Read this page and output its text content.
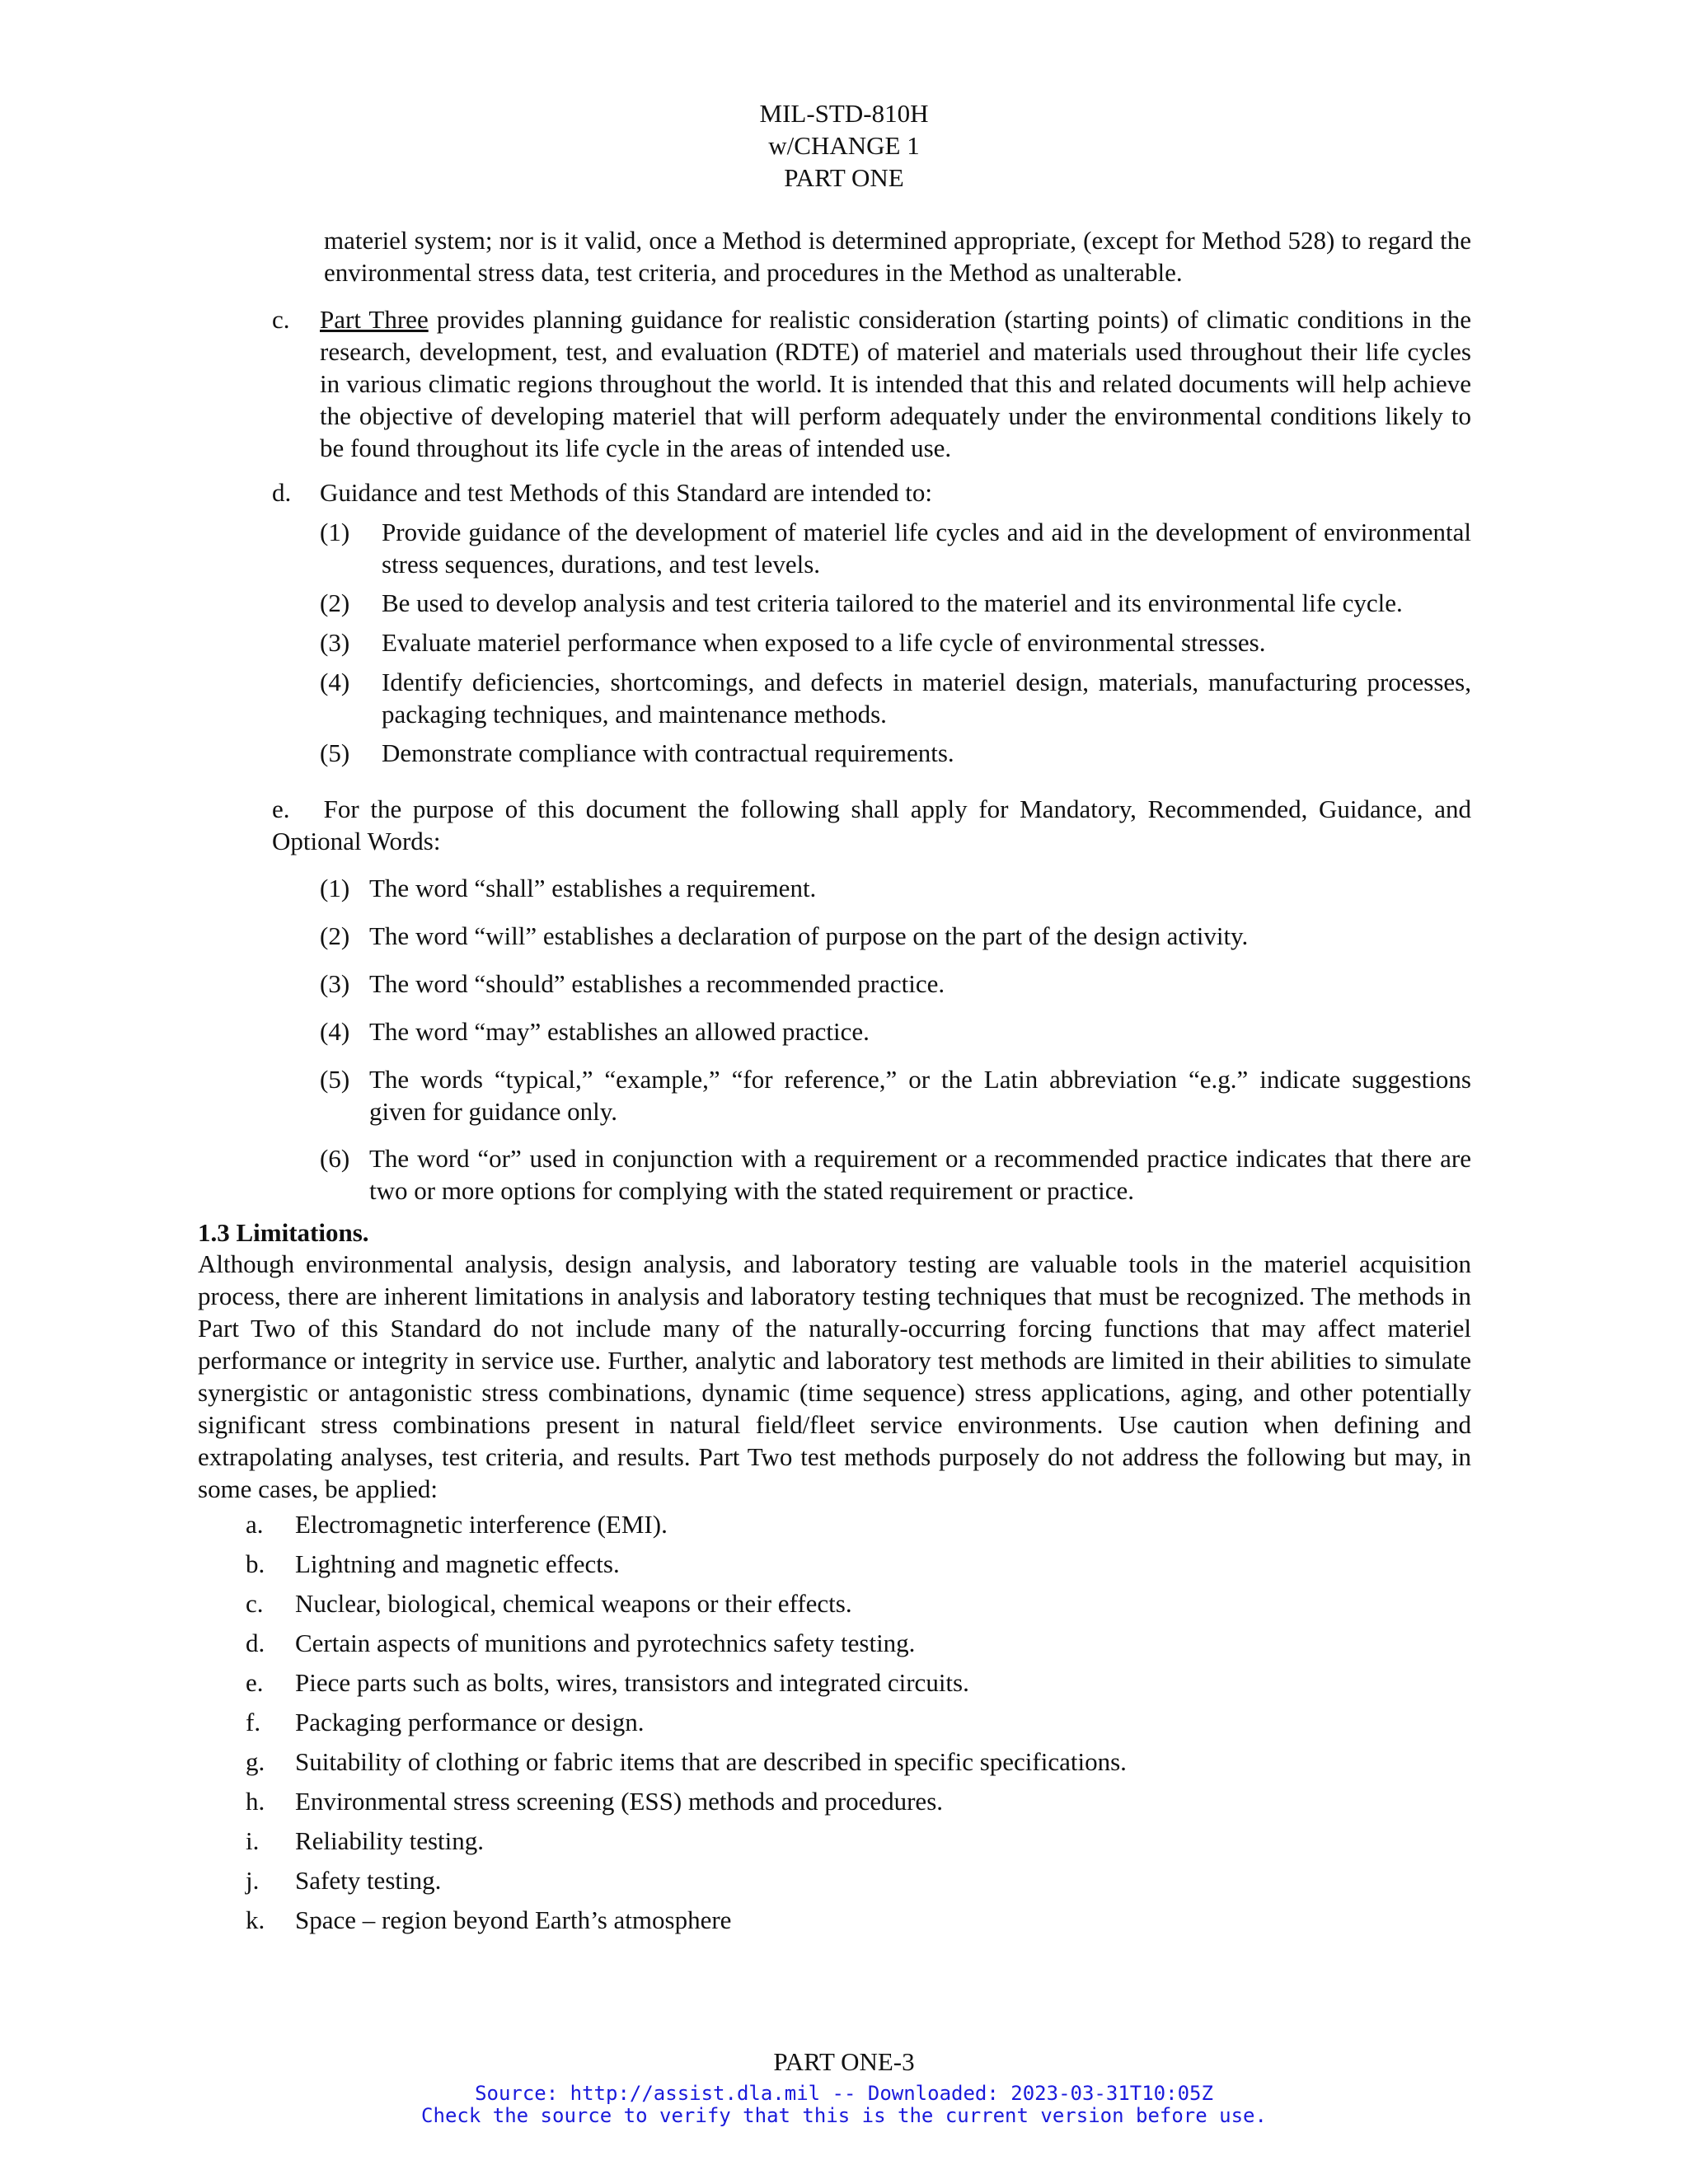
MIL-STD-810H
w/CHANGE 1
PART ONE

materiel system; nor is it valid, once a Method is determined appropriate, (except for Method 528) to regard the environmental stress data, test criteria, and procedures in the Method as unalterable.

c. Part Three provides planning guidance for realistic consideration (starting points) of climatic conditions in the research, development, test, and evaluation (RDTE) of materiel and materials used throughout their life cycles in various climatic regions throughout the world. It is intended that this and related documents will help achieve the objective of developing materiel that will perform adequately under the environmental conditions likely to be found throughout its life cycle in the areas of intended use.

d. Guidance and test Methods of this Standard are intended to:
(1) Provide guidance of the development of materiel life cycles and aid in the development of environmental stress sequences, durations, and test levels.

(2) Be used to develop analysis and test criteria tailored to the materiel and its environmental life cycle.

(3) Evaluate materiel performance when exposed to a life cycle of environmental stresses.

(4) Identify deficiencies, shortcomings, and defects in materiel design, materials, manufacturing processes, packaging techniques, and maintenance methods.

(5) Demonstrate compliance with contractual requirements.

e. For the purpose of this document the following shall apply for Mandatory, Recommended, Guidance, and Optional Words:

(1) The word “shall” establishes a requirement.

(2) The word “will” establishes a declaration of purpose on the part of the design activity.

(3) The word “should” establishes a recommended practice.

(4) The word “may” establishes an allowed practice.

(5) The words “typical,” “example,” “for reference,” or the Latin abbreviation “e.g.” indicate suggestions given for guidance only.

(6) The word “or” used in conjunction with a requirement or a recommended practice indicates that there are two or more options for complying with the stated requirement or practice.

1.3 Limitations.

Although environmental analysis, design analysis, and laboratory testing are valuable tools in the materiel acquisition process, there are inherent limitations in analysis and laboratory testing techniques that must be recognized. The methods in Part Two of this Standard do not include many of the naturally-occurring forcing functions that may affect materiel performance or integrity in service use. Further, analytic and laboratory test methods are limited in their abilities to simulate synergistic or antagonistic stress combinations, dynamic (time sequence) stress applications, aging, and other potentially significant stress combinations present in natural field/fleet service environments. Use caution when defining and extrapolating analyses, test criteria, and results. Part Two test methods purposely do not address the following but may, in some cases, be applied:

a. Electromagnetic interference (EMI).
b. Lightning and magnetic effects.
c. Nuclear, biological, chemical weapons or their effects.
d. Certain aspects of munitions and pyrotechnics safety testing.
e. Piece parts such as bolts, wires, transistors and integrated circuits.
f. Packaging performance or design.
g. Suitability of clothing or fabric items that are described in specific specifications.
h. Environmental stress screening (ESS) methods and procedures.
i. Reliability testing.
j. Safety testing.
k. Space – region beyond Earth’s atmosphere
PART ONE-3
Source: http://assist.dla.mil -- Downloaded: 2023-03-31T10:05Z
Check the source to verify that this is the current version before use.
